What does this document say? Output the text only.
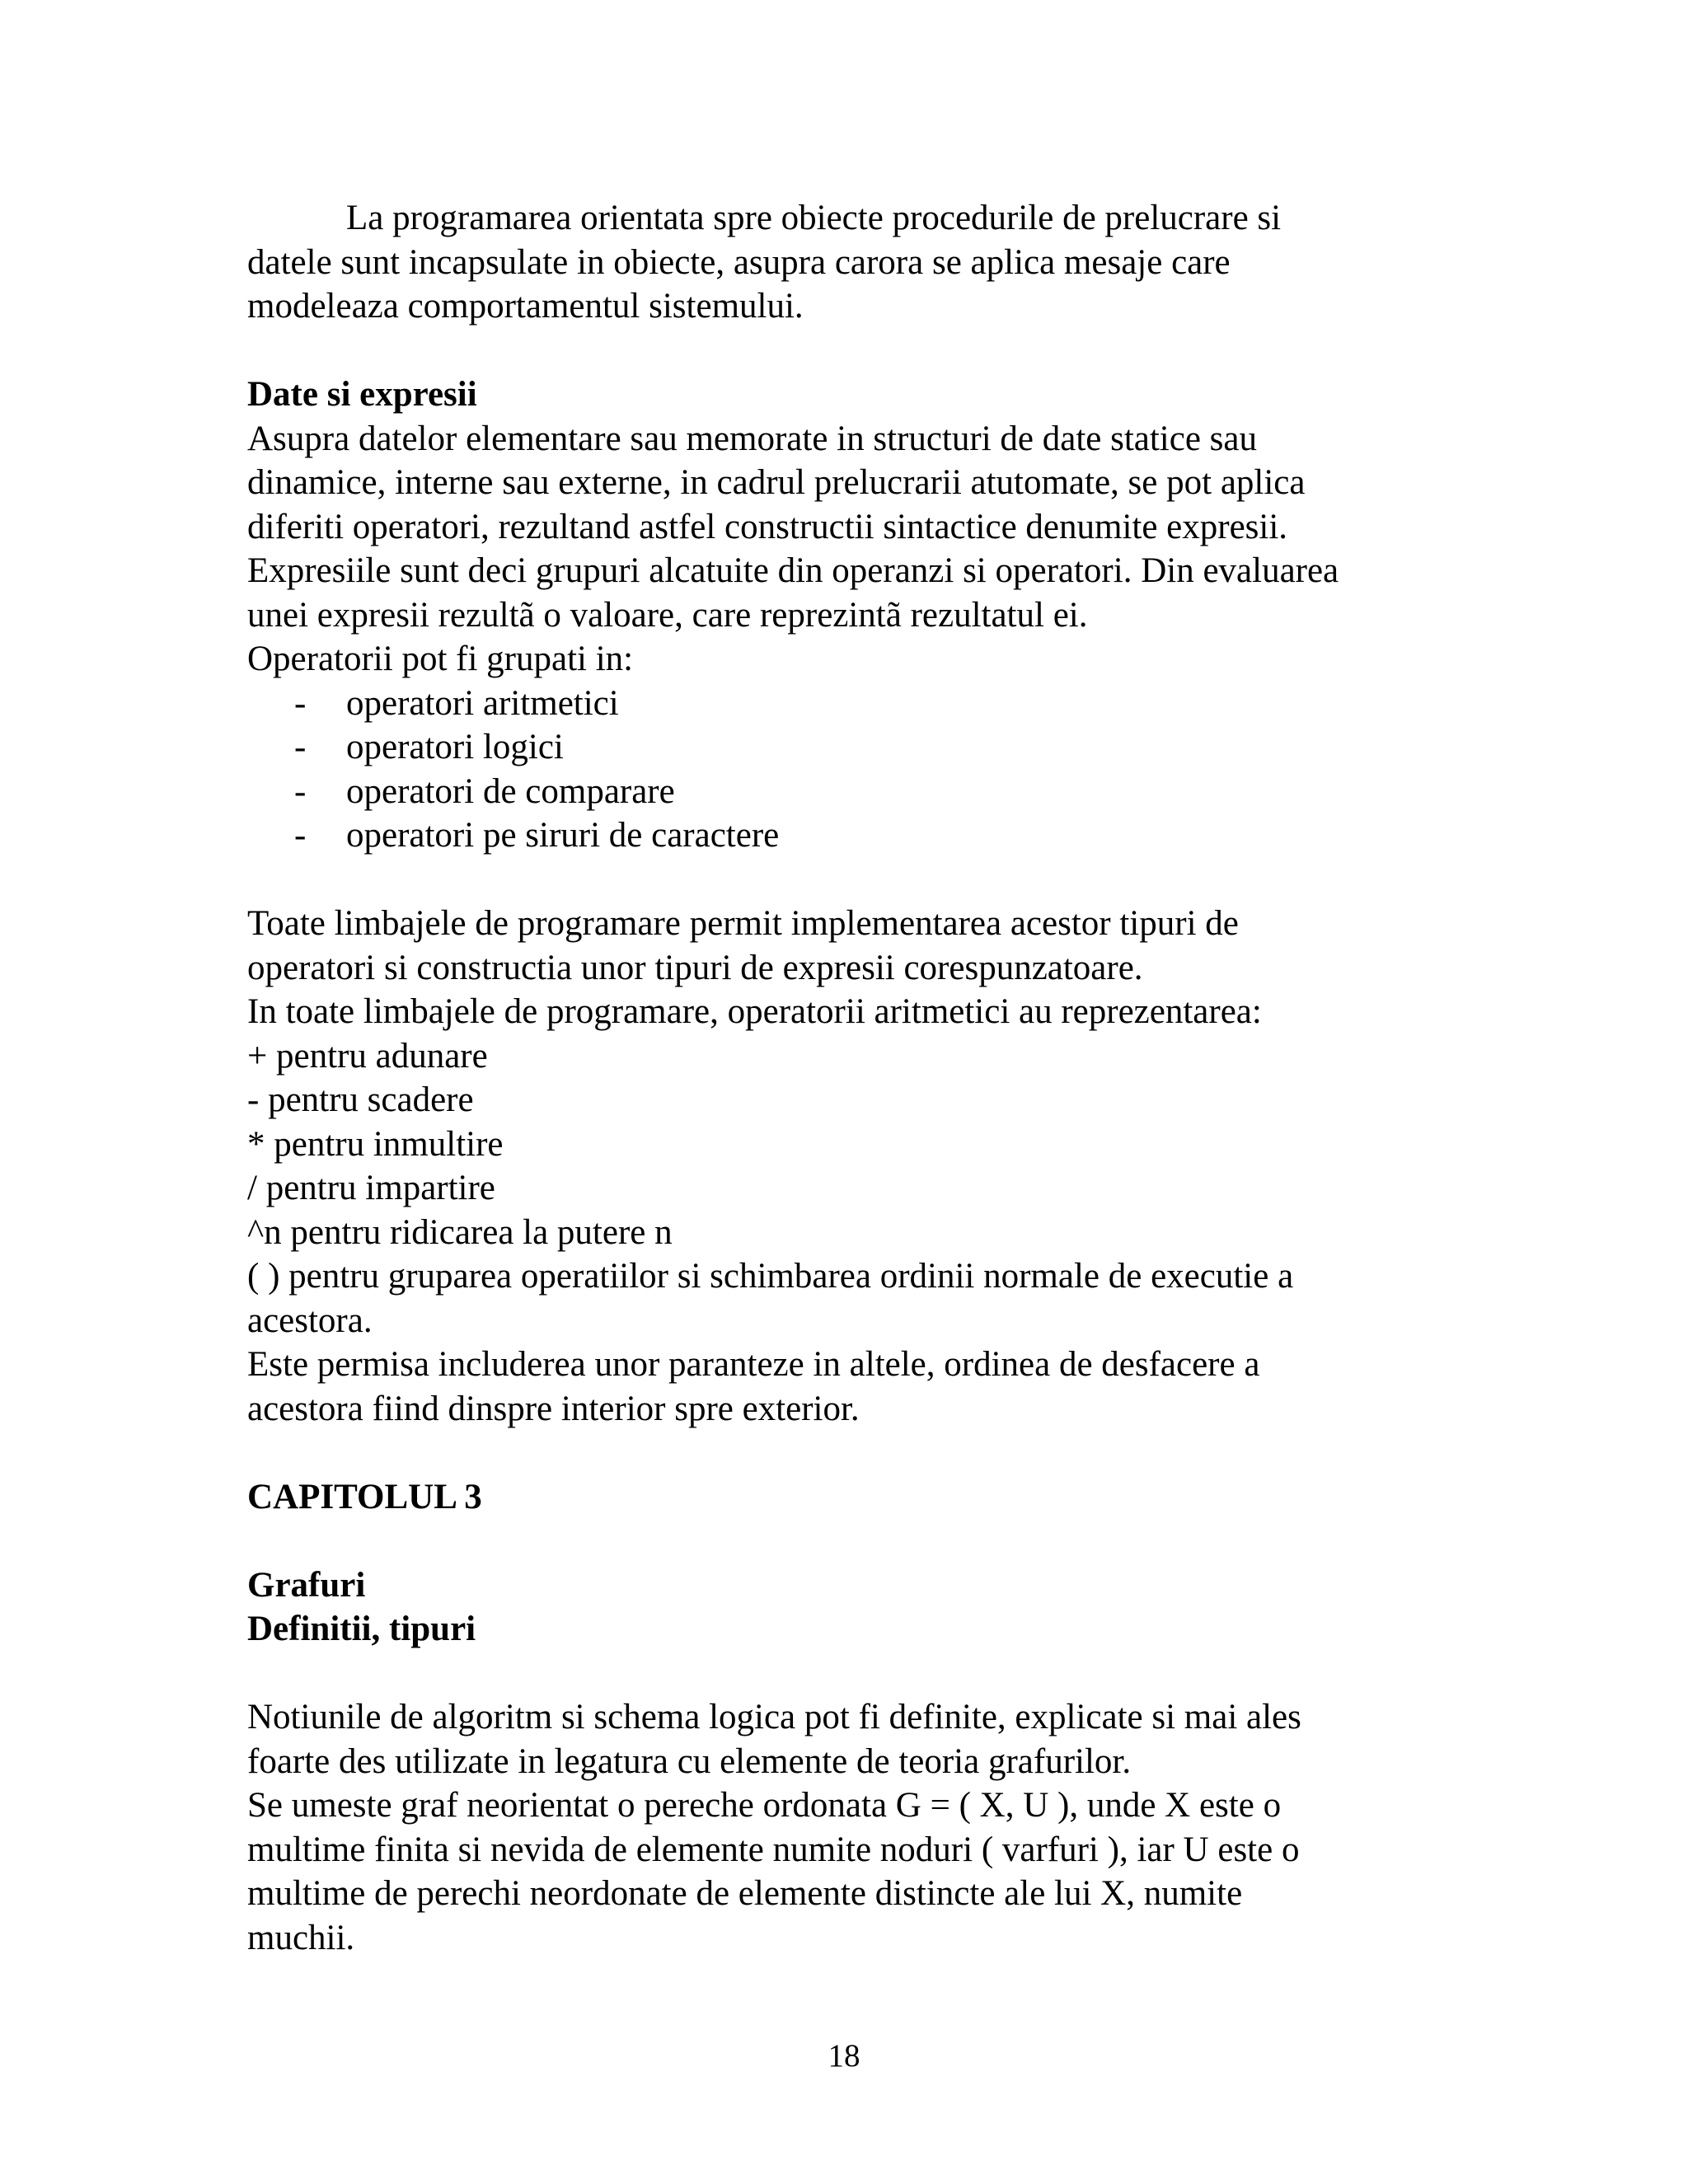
La programarea orientata spre obiecte procedurile de prelucrare si
datele sunt incapsulate in obiecte, asupra carora se aplica mesaje care
modeleaza comportamentul sistemului.
Date si expresii
Asupra datelor elementare sau memorate in structuri de date statice sau
dinamice, interne sau externe, in cadrul prelucrarii atutomate, se pot aplica
diferiti operatori, rezultand astfel constructii sintactice denumite expresii.
Expresiile sunt deci grupuri alcatuite din operanzi si operatori. Din evaluarea
unei expresii rezultã o valoare, care reprezintã rezultatul ei.
Operatorii pot fi grupati in:
- operatori aritmetici
- operatori logici
- operatori de comparare
- operatori pe siruri de caractere
Toate limbajele de programare permit implementarea acestor tipuri de
operatori si constructia unor tipuri de expresii corespunzatoare.
In toate limbajele de programare, operatorii aritmetici au reprezentarea:
+ pentru adunare
- pentru scadere
* pentru inmultire
/ pentru impartire
^n pentru ridicarea la putere n
( ) pentru gruparea operatiilor si schimbarea ordinii normale de executie a
acestora.
Este permisa includerea unor paranteze in altele, ordinea de desfacere a
acestora fiind dinspre interior spre exterior.
CAPITOLUL 3
Grafuri
Definitii, tipuri
Notiunile de algoritm si schema logica pot fi definite, explicate si mai ales
foarte des utilizate in legatura cu elemente de teoria grafurilor.
Se umeste graf neorientat o pereche ordonata G = ( X, U ), unde X este o
multime finita si nevida de elemente numite noduri ( varfuri ), iar U este o
multime de perechi neordonate de elemente distincte ale lui X, numite
muchii.
18
